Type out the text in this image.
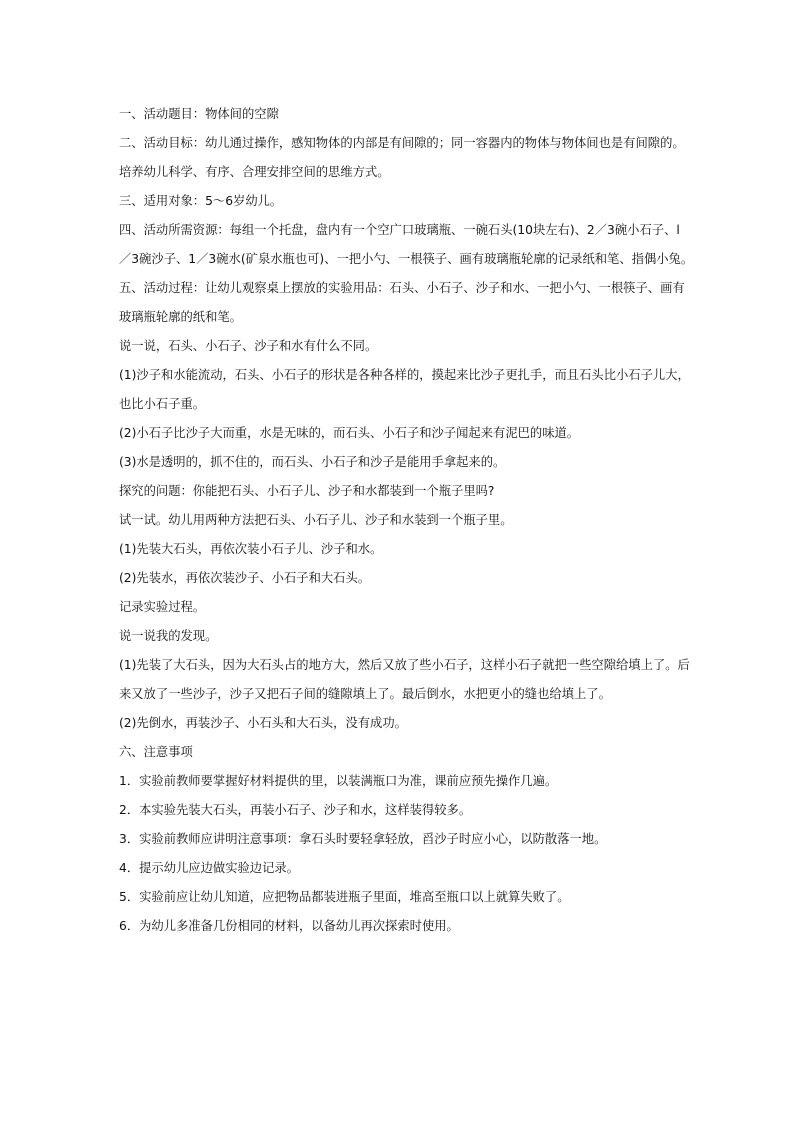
一、活动题目：物体间的空隙
二、活动目标：幼儿通过操作，感知物体的内部是有间隙的；同一容器内的物体与物体间也是有间隙的。
培养幼儿科学、有序、合理安排空间的思维方式。
三、适用对象：5～6岁幼儿。
四、活动所需资源：每组一个托盘，盘内有一个空广口玻璃瓶、一碗石头(10块左右)、2／3碗小石子、l
／3碗沙子、1／3碗水(矿泉水瓶也可)、一把小勺、一根筷子、画有玻璃瓶轮廓的记录纸和笔、指偶小兔。
五、活动过程：让幼儿观察桌上摆放的实验用品：石头、小石子、沙子和水、一把小勺、一根筷子、画有
玻璃瓶轮廓的纸和笔。
说一说，石头、小石子、沙子和水有什么不同。
(1)沙子和水能流动，石头、小石子的形状是各种各样的，摸起来比沙子更扎手，而且石头比小石子儿大，
也比小石子重。
(2)小石子比沙子大而重，水是无味的，而石头、小石子和沙子闻起来有泥巴的味道。
(3)水是透明的，抓不住的，而石头、小石子和沙子是能用手拿起来的。
探究的问题：你能把石头、小石子儿、沙子和水都装到一个瓶子里吗?
试一试。幼儿用两种方法把石头、小石子儿、沙子和水装到一个瓶子里。
(1)先装大石头，再依次装小石子儿、沙子和水。
(2)先装水，再依次装沙子、小石子和大石头。
记录实验过程。
说一说我的发现。
(1)先装了大石头，因为大石头占的地方大，然后又放了些小石子，这样小石子就把一些空隙给填上了。后
来又放了一些沙子，沙子又把石子间的缝隙填上了。最后倒水，水把更小的缝也给填上了。
(2)先倒水，再装沙子、小石头和大石头，没有成功。
六、注意事项
1．实验前教师要掌握好材料提供的里，以装满瓶口为准，课前应预先操作几遍。
2．本实验先装大石头，再装小石子、沙子和水，这样装得较多。
3．实验前教师应讲明注意事项：拿石头时要轻拿轻放，舀沙子时应小心，以防散落一地。
4．提示幼儿应边做实验边记录。
5．实验前应让幼儿知道，应把物品都装进瓶子里面，堆高至瓶口以上就算失败了。
6．为幼儿多准备几份相同的材料，以备幼儿再次探索时使用。
